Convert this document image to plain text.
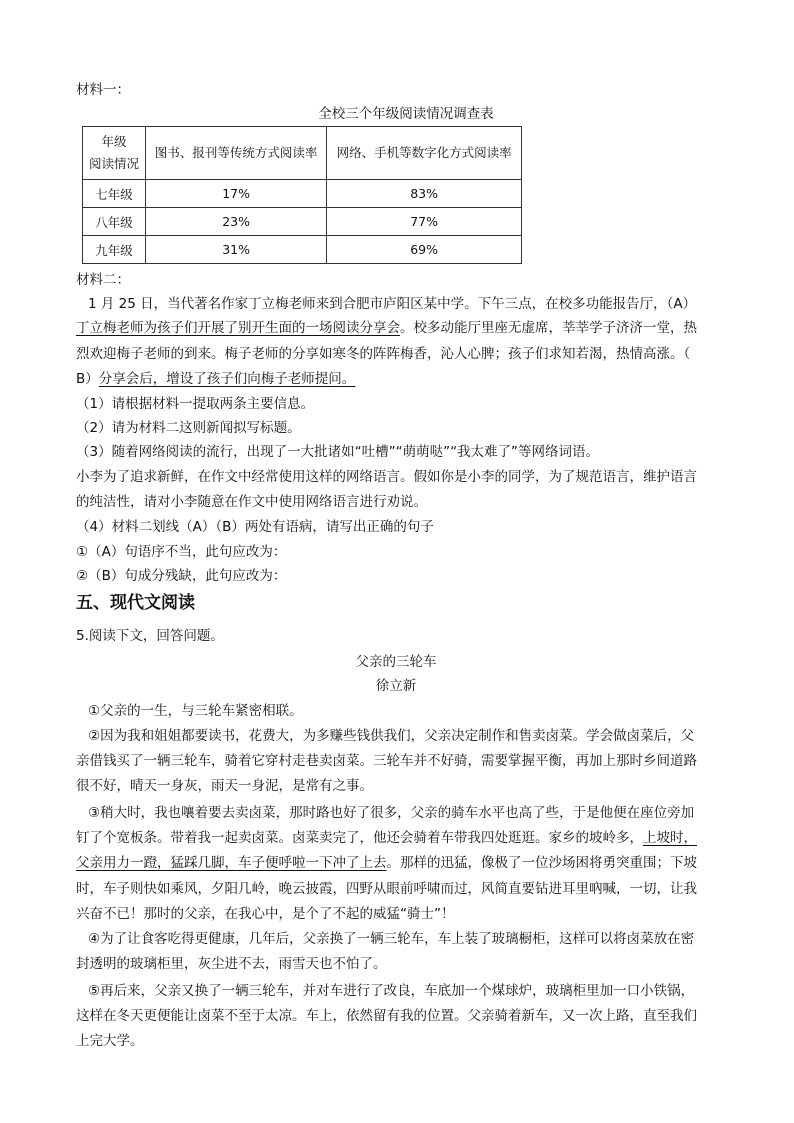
材料一：
全校三个年级阅读情况调查表
年级
阅读情况	图书、报刊等传统方式阅读率	网络、手机等数字化方式阅读率
七年级	17%	83%
八年级	23%	77%
九年级	31%	69%
材料二：
1 月 25 日，当代著名作家丁立梅老师来到合肥市庐阳区某中学。下午三点，在校多功能报告厅，（A）
丁立梅老师为孩子们开展了别开生面的一场阅读分享会。校多动能厅里座无虚席，莘莘学子济济一堂，热
烈欢迎梅子老师的到来。梅子老师的分享如寒冬的阵阵梅香，沁人心脾；孩子们求知若渴，热情高涨。（
B）分享会后，增设了孩子们向梅子老师提问。
（1）请根据材料一提取两条主要信息。
（2）请为材料二这则新闻拟写标题。
（3）随着网络阅读的流行，出现了一大批诸如“吐槽”“萌萌哒”“我太难了”等网络词语。
小李为了追求新鲜，在作文中经常使用这样的网络语言。假如你是小李的同学，为了规范语言，维护语言
的纯洁性，请对小李随意在作文中使用网络语言进行劝说。
（4）材料二划线（A）（B）两处有语病，请写出正确的句子
①（A）句语序不当，此句应改为：
②（B）句成分残缺，此句应改为：
五、现代文阅读
5.阅读下文，回答问题。
父亲的三轮车
徐立新
①父亲的一生，与三轮车紧密相联。
②因为我和姐姐都要读书，花费大，为多赚些钱供我们，父亲决定制作和售卖卤菜。学会做卤菜后，父
亲借钱买了一辆三轮车，骑着它穿村走巷卖卤菜。三轮车并不好骑，需要掌握平衡，再加上那时乡间道路
很不好，晴天一身灰，雨天一身泥，是常有之事。
③稍大时，我也嚷着要去卖卤菜，那时路也好了很多，父亲的骑车水平也高了些，于是他便在座位旁加
钉了个宽板条。带着我一起卖卤菜。卤菜卖完了，他还会骑着车带我四处逛逛。家乡的坡岭多，上坡时，
父亲用力一蹬，猛踩几脚，车子便呼啦一下冲了上去。那样的迅猛，像极了一位沙场困将勇突重围；下坡
时，车子则快如乘风，夕阳几岭，晚云披霞，四野从眼前呼啸而过，风简直要钻进耳里吶喊，一切，让我
兴奋不已！那时的父亲，在我心中，是个了不起的威猛“骑士”！
④为了让食客吃得更健康，几年后，父亲换了一辆三轮车，车上装了玻璃橱柜，这样可以将卤菜放在密
封透明的玻璃柜里，灰尘进不去，雨雪天也不怕了。
⑤再后来，父亲又换了一辆三轮车，并对车进行了改良，车底加一个煤球炉，玻璃柜里加一口小铁锅，
这样在冬天更便能让卤菜不至于太凉。车上，依然留有我的位置。父亲骑着新车，又一次上路，直至我们
上完大学。
